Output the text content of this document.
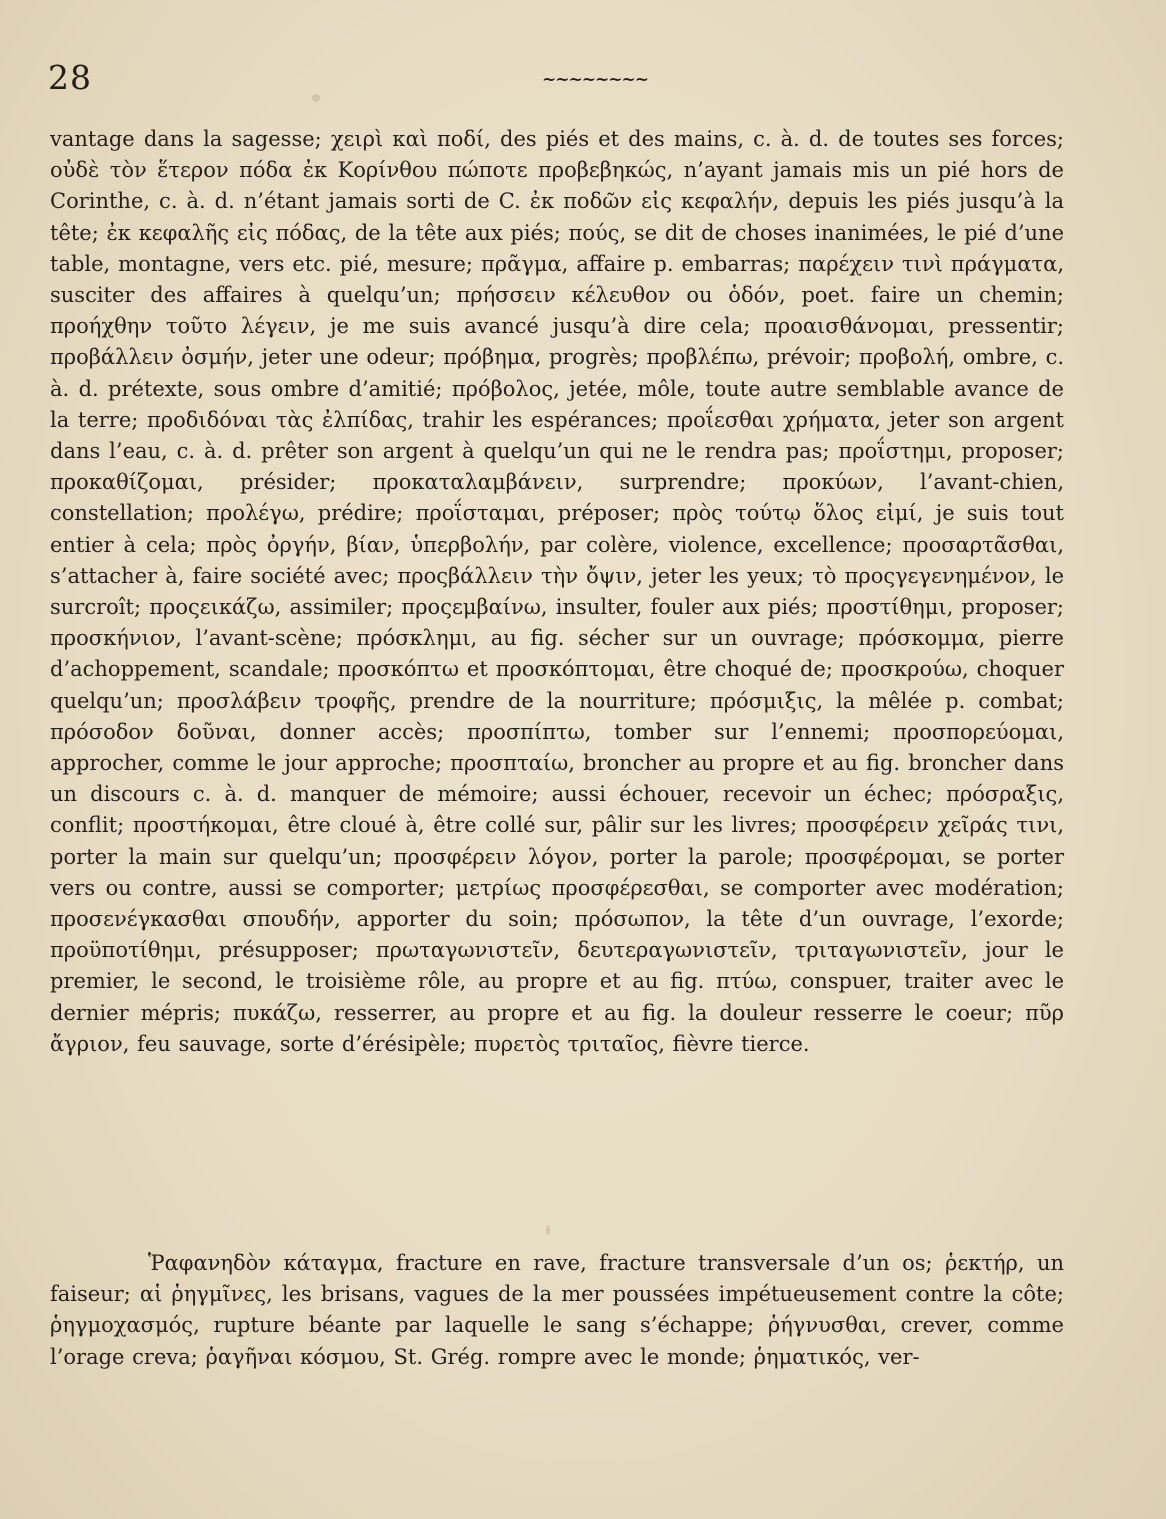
28	~~~~~~~~

vantage dans la sagesse; χειρὶ καὶ ποδί, des piés et des mains, c. à. d. de toutes ses forces; οὐδὲ τὸν ἕτερον πόδα ἐκ Κορίνθου πώποτε προβεβηκώς, n’ayant jamais mis un pié hors de Corinthe, c. à. d. n’étant jamais sorti de C. ἐκ ποδῶν εἰς κεφαλήν, depuis les piés jusqu’à la tête; ἐκ κεφαλῆς εἰς πόδας, de la tête aux piés; πούς, se dit de choses inanimées, le pié d’une table, montagne, vers etc. pié, mesure; πρᾶγμα, affaire p. embarras; παρέχειν τινὶ πράγματα, susciter des affaires à quelqu’un; πρήσσειν κέλευθον ou ὁδόν, poet. faire un chemin; προήχθην τοῦτο λέγειν, je me suis avancé jusqu’à dire cela; προαισθάνομαι, pressentir; προβάλλειν ὀσμήν, jeter une odeur; πρόβημα, progrès; προβλέπω, prévoir; προβολή, ombre, c. à. d. prétexte, sous ombre d’amitié; πρόβολος, jetée, môle, toute autre semblable avance de la terre; προδιδόναι τὰς ἐλπίδας, trahir les espérances; προΐεσθαι χρήματα, jeter son argent dans l’eau, c. à. d. prêter son argent à quelqu’un qui ne le rendra pas; προΐστημι, proposer; προκαθίζομαι, présider; προκαταλαμβάνειν, surprendre; προκύων, l’avant-chien, constellation; προλέγω, prédire; προΐσταμαι, préposer; πρὸς τούτῳ ὅλος εἰμί, je suis tout entier à cela; πρὸς ὀργήν, βίαν, ὑπερβολήν, par colère, violence, excellence; προσαρτᾶσθαι, s’attacher à, faire société avec; προςβάλλειν τὴν ὄψιν, jeter les yeux; τὸ προςγεγενημένον, le surcroît; προςεικάζω, assimiler; προςεμβαίνω, insulter, fouler aux piés; προστίθημι, proposer; προσκήνιον, l’avant-scène; πρόσκλημι, au fig. sécher sur un ouvrage; πρόσκομμα, pierre d’achoppement, scandale; προσκόπτω et προσκόπτομαι, être choqué de; προσκρούω, choquer quelqu’un; προσλάβειν τροφῆς, prendre de la nourriture; πρόσμιξις, la mêlée p. combat; πρόσοδον δοῦναι, donner accès; προσπίπτω, tomber sur l’ennemi; προσπορεύομαι, approcher, comme le jour approche; προσπταίω, broncher au propre et au fig. broncher dans un discours c. à. d. manquer de mémoire; aussi échouer, recevoir un échec; πρόσραξις, conflit; προστήκομαι, être cloué à, être collé sur, pâlir sur les livres; προσφέρειν χεῖράς τινι, porter la main sur quelqu’un; προσφέρειν λόγον, porter la parole; προσφέρομαι, se porter vers ou contre, aussi se comporter; μετρίως προσφέρεσθαι, se comporter avec modération; προσενέγκασθαι σπουδήν, apporter du soin; πρόσωπον, la tête d’un ouvrage, l’exorde; προϋποτίθημι, présupposer; πρωταγωνιστεῖν, δευτεραγωνιστεῖν, τριταγωνιστεῖν, jour le premier, le second, le troisième rôle, au propre et au fig. πτύω, conspuer, traiter avec le dernier mépris; πυκάζω, resserrer, au propre et au fig. la douleur resserre le coeur; πῦρ ἄγριον, feu sauvage, sorte d’érésipèle; πυρετὸς τριταῖος, fièvre tierce.

Ῥαφανηδὸν κάταγμα, fracture en rave, fracture transversale d’un os; ῥεκτήρ, un faiseur; αἱ ῥηγμῖνες, les brisans, vagues de la mer poussées impétueusement contre la côte; ῥηγμοχασμός, rupture béante par laquelle le sang s’échappe; ῥήγνυσθαι, crever, comme l’orage creva; ῥαγῆναι κόσμου, St. Grég. rompre avec le monde; ῥηματικός, ver-
